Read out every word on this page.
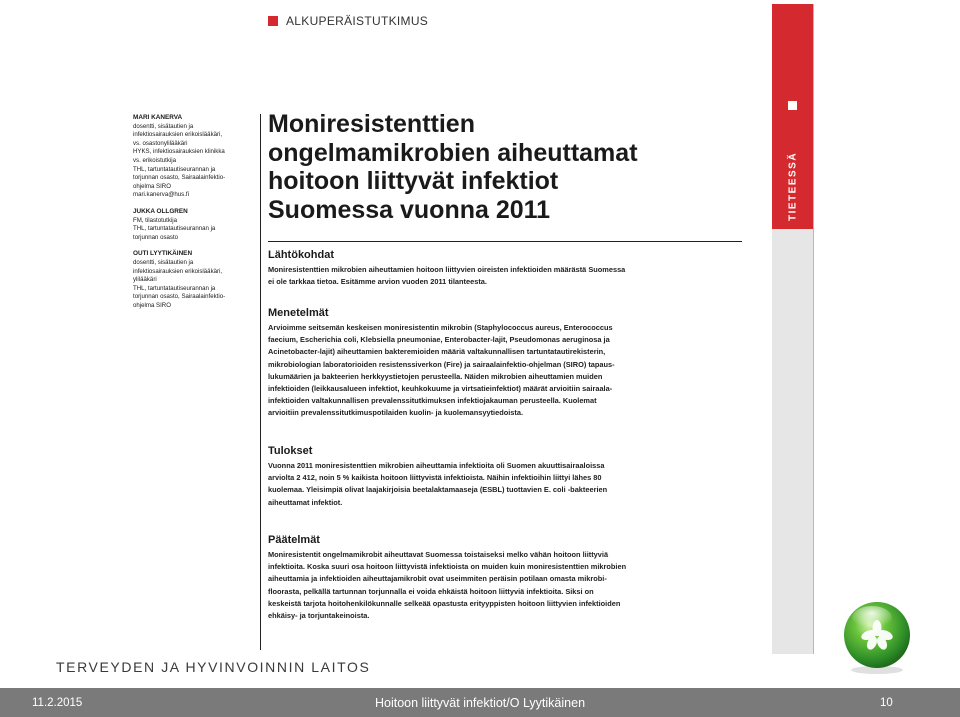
TIETEESSÄ
ALKUPERÄISTUTKIMUS
MARI KANERVA
dosentti, sisätautien ja
infektiosairauksien erikoislääkäri,
vs. osastonylilääkäri
HYKS, infektiosairauksien klinikka
vs. erikoistutkija
THL, tartuntatautiseurannan ja
torjunnan osasto, Sairaalainfektio-
ohjelma SIRO
mari.kanerva@hus.fi
JUKKA OLLGREN
FM, tilastotutkija
THL, tartuntatautiseurannan ja
torjunnan osasto
OUTI LYYTIKÄINEN
dosentti, sisätautien ja
infektiosairauksien erikoislääkäri,
ylilääkäri
THL, tartuntatautiseurannan ja
torjunnan osasto, Sairaalainfektio-
ohjelma SIRO
Moniresistenttien
ongelmamikrobien aiheuttamat
hoitoon liittyvät infektiot
Suomessa vuonna 2011
Lähtökohdat
Moniresistenttien mikrobien aiheuttamien hoitoon liittyvien oireisten infektioiden määrästä Suomessa
ei ole tarkkaa tietoa. Esitämme arvion vuoden 2011 tilanteesta.
Menetelmät
Arvioimme seitsemän keskeisen moniresistentin mikrobin (Staphylococcus aureus, Enterococcus
faecium, Escherichia coli, Klebsiella pneumoniae, Enterobacter-lajit, Pseudomonas aeruginosa ja
Acinetobacter-lajit) aiheuttamien bakteremioiden määriä valtakunnallisen tartuntatautirekisterin,
mikrobiologian laboratorioiden resistenssiverkon (Fire) ja sairaalainfektio-ohjelman (SIRO) tapaus-
lukumäärien ja bakteerien herkkyystietojen perusteella. Näiden mikrobien aiheuttamien muiden
infektioiden (leikkausalueen infektiot, keuhkokuume ja virtsatieinfektiot) määrät arvioitiin sairaala-
infektioiden valtakunnallisen prevalenssitutkimuksen infektiojakauman perusteella. Kuolemat
arvioitiin prevalenssitutkimuspotilaiden kuolin- ja kuolemansyytiedoista.
Tulokset
Vuonna 2011 moniresistenttien mikrobien aiheuttamia infektioita oli Suomen akuuttisairaaloissa
arviolta 2 412, noin 5 % kaikista hoitoon liittyvistä infektioista. Näihin infektioihin liittyi lähes 80
kuolemaa. Yleisimpiä olivat laajakirjoisia beetalaktamaaseja (ESBL) tuottavien E. coli -bakteerien
aiheuttamat infektiot.
Päätelmät
Moniresistentit ongelmamikrobit aiheuttavat Suomessa toistaiseksi melko vähän hoitoon liittyviä
infektioita. Koska suuri osa hoitoon liittyvistä infektioista on muiden kuin moniresistenttien mikrobien
aiheuttamia ja infektioiden aiheuttajamikrobit ovat useimmiten peräisin potilaan omasta mikrobi-
floorasta, pelkällä tartunnan torjunnalla ei voida ehkäistä hoitoon liittyviä infektioita. Siksi on
keskeistä tarjota hoitohenkilökunnalle selkeää opastusta erityyppisten hoitoon liittyvien infektioiden
ehkäisy- ja torjuntakeinoista.
TERVEYDEN JA HYVINVOINNIN LAITOS
11.2.2015	Hoitoon liittyvät infektiot/O Lyytikäinen	10
